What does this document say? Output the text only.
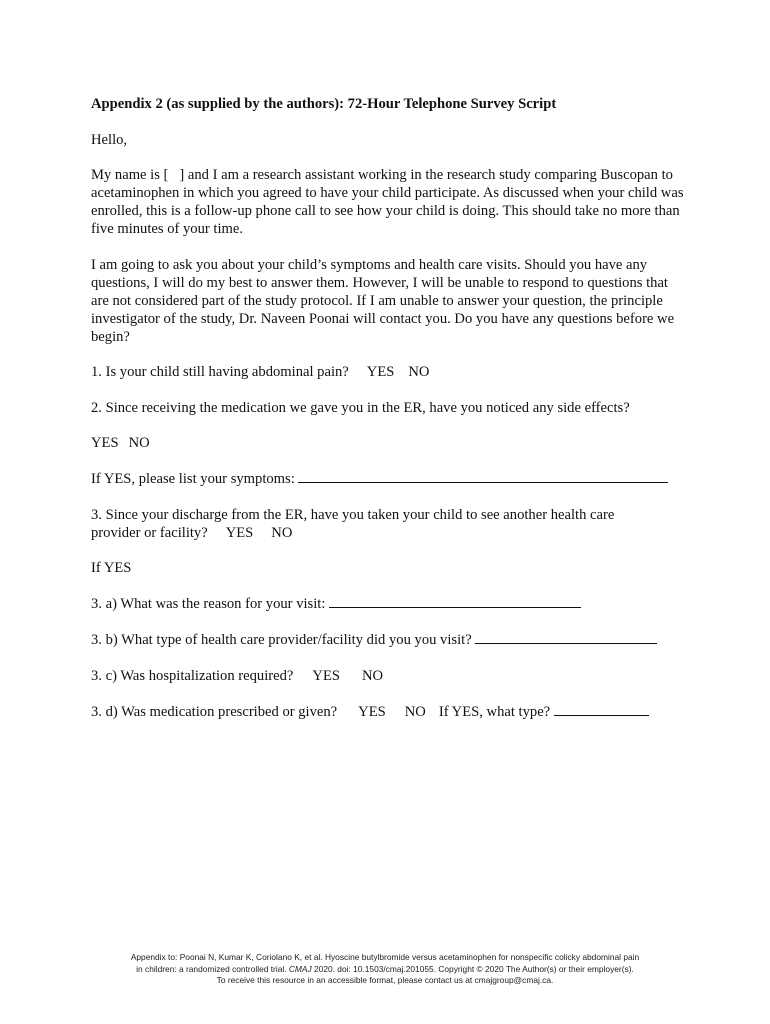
Appendix 2 (as supplied by the authors): 72-Hour Telephone Survey Script
Hello,
My name is [   ] and I am a research assistant working in the research study comparing Buscopan to acetaminophen in which you agreed to have your child participate. As discussed when your child was enrolled, this is a follow-up phone call to see how your child is doing. This should take no more than five minutes of your time.
I am going to ask you about your child’s symptoms and health care visits. Should you have any questions, I will do my best to answer them. However, I will be unable to respond to questions that are not considered part of the study protocol. If I am unable to answer your question, the principle investigator of the study, Dr. Naveen Poonai will contact you. Do you have any questions before we begin?
1. Is your child still having abdominal pain? YES NO
2. Since receiving the medication we gave you in the ER, have you noticed any side effects?
YES NO
If YES, please list your symptoms:
3. Since your discharge from the ER, have you taken your child to see another health care
provider or facility? YES NO
If YES
3. a) What was the reason for your visit:
3. b) What type of health care provider/facility did you you visit?
3. c) Was hospitalization required? YES NO
3. d) Was medication prescribed or given? YES NO If YES, what type?
Appendix to: Poonai N, Kumar K, Coriolano K, et al. Hyoscine butylbromide versus acetaminophen for nonspecific colicky abdominal pain
in children: a randomized controlled trial. CMAJ 2020. doi: 10.1503/cmaj.201055. Copyright © 2020 The Author(s) or their employer(s).
To receive this resource in an accessible format, please contact us at cmajgroup@cmaj.ca.
